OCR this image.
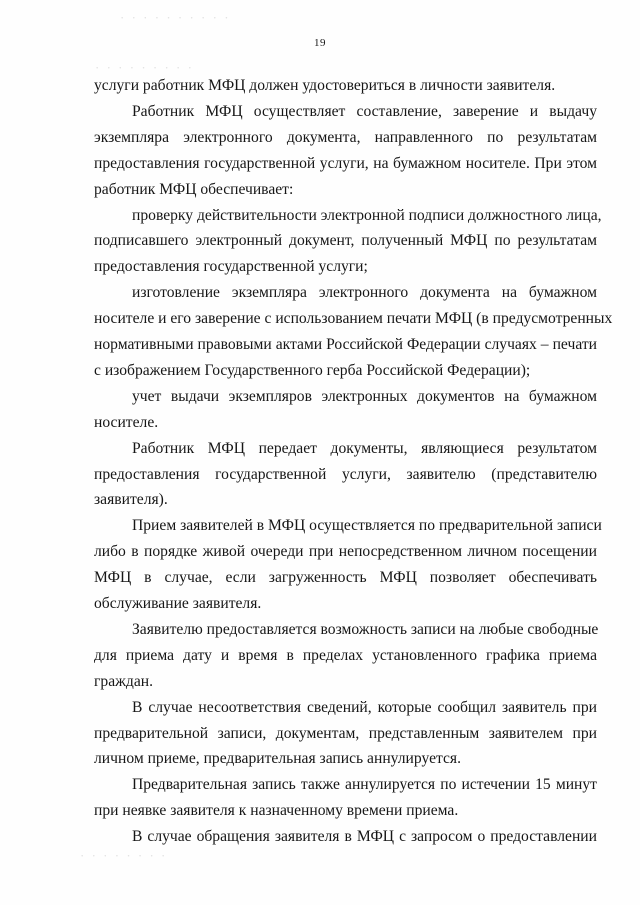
· · · · · · · · · ·
· · · · · · · · ·
· · · · · · · ·
19
услуги работник МФЦ должен удостовериться в личности заявителя.
Работник МФЦ осуществляет составление, заверение и выдачу
экземпляра электронного документа, направленного по результатам
предоставления государственной услуги, на бумажном носителе. При этом
работник МФЦ обеспечивает:
проверку действительности электронной подписи должностного лица,
подписавшего электронный документ, полученный МФЦ по результатам
предоставления государственной услуги;
изготовление экземпляра электронного документа на бумажном
носителе и его заверение с использованием печати МФЦ (в предусмотренных
нормативными правовыми актами Российской Федерации случаях – печати
с изображением Государственного герба Российской Федерации);
учет выдачи экземпляров электронных документов на бумажном
носителе.
Работник МФЦ передает документы, являющиеся результатом
предоставления государственной услуги, заявителю (представителю
заявителя).
Прием заявителей в МФЦ осуществляется по предварительной записи
либо в порядке живой очереди при непосредственном личном посещении
МФЦ в случае, если загруженность МФЦ позволяет обеспечивать
обслуживание заявителя.
Заявителю предоставляется возможность записи на любые свободные
для приема дату и время в пределах установленного графика приема
граждан.
В случае несоответствия сведений, которые сообщил заявитель при
предварительной записи, документам, представленным заявителем при
личном приеме, предварительная запись аннулируется.
Предварительная запись также аннулируется по истечении 15 минут
при неявке заявителя к назначенному времени приема.
В случае обращения заявителя в МФЦ с запросом о предоставлении
